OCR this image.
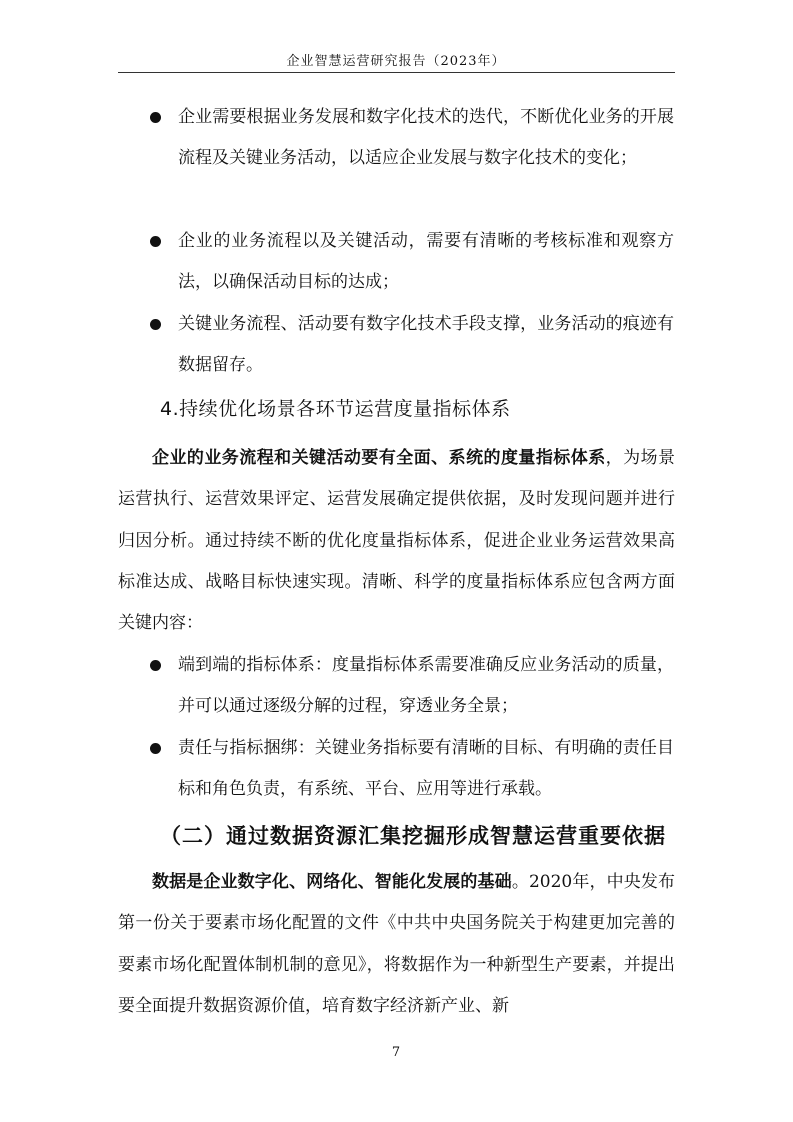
企业智慧运营研究报告（2023年）

企业需要根据业务发展和数字化技术的迭代，不断优化业务的开展流程及关键业务活动，以适应企业发展与数字化技术的变化；

企业的业务流程以及关键活动，需要有清晰的考核标准和观察方法，以确保活动目标的达成；

关键业务流程、活动要有数字化技术手段支撑，业务活动的痕迹有数据留存。

4.持续优化场景各环节运营度量指标体系

企业的业务流程和关键活动要有全面、系统的度量指标体系，为场景运营执行、运营效果评定、运营发展确定提供依据，及时发现问题并进行归因分析。通过持续不断的优化度量指标体系，促进企业业务运营效果高标准达成、战略目标快速实现。清晰、科学的度量指标体系应包含两方面关键内容：

端到端的指标体系：度量指标体系需要准确反应业务活动的质量，并可以通过逐级分解的过程，穿透业务全景；

责任与指标捆绑：关键业务指标要有清晰的目标、有明确的责任目标和角色负责，有系统、平台、应用等进行承载。

（二）通过数据资源汇集挖掘形成智慧运营重要依据

数据是企业数字化、网络化、智能化发展的基础。2020年，中央发布第一份关于要素市场化配置的文件《中共中央国务院关于构建更加完善的要素市场化配置体制机制的意见》，将数据作为一种新型生产要素，并提出要全面提升数据资源价值，培育数字经济新产业、新

7
